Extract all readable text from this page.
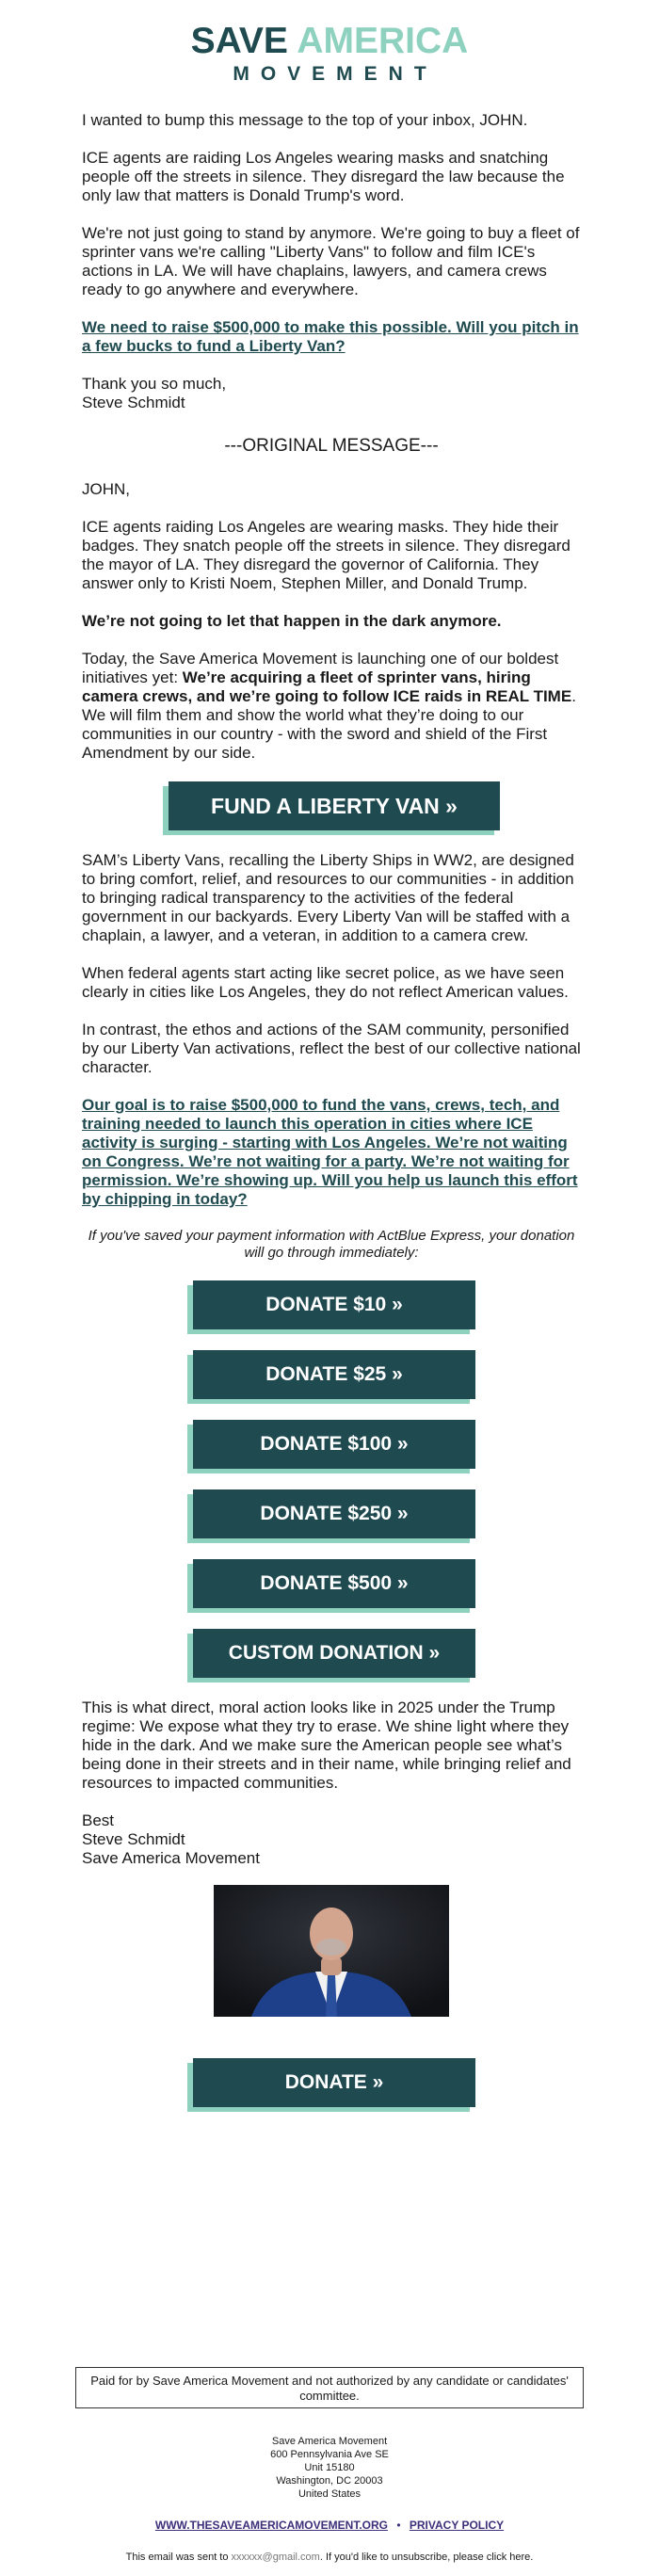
SAVE AMERICA
MOVEMENT

I wanted to bump this message to the top of your inbox, JOHN.

ICE agents are raiding Los Angeles wearing masks and snatching people off the streets in silence. They disregard the law because the only law that matters is Donald Trump's word.

We're not just going to stand by anymore. We're going to buy a fleet of sprinter vans we're calling "Liberty Vans" to follow and film ICE's actions in LA. We will have chaplains, lawyers, and camera crews ready to go anywhere and everywhere.

We need to raise $500,000 to make this possible. Will you pitch in a few bucks to fund a Liberty Van?

Thank you so much,
Steve Schmidt

---ORIGINAL MESSAGE---

JOHN,

ICE agents raiding Los Angeles are wearing masks. They hide their badges. They snatch people off the streets in silence. They disregard the mayor of LA. They disregard the governor of California. They answer only to Kristi Noem, Stephen Miller, and Donald Trump.

We’re not going to let that happen in the dark anymore.

Today, the Save America Movement is launching one of our boldest initiatives yet: We’re acquiring a fleet of sprinter vans, hiring camera crews, and we’re going to follow ICE raids in REAL TIME. We will film them and show the world what they’re doing to our communities in our country - with the sword and shield of the First Amendment by our side.

FUND A LIBERTY VAN »

SAM’s Liberty Vans, recalling the Liberty Ships in WW2, are designed to bring comfort, relief, and resources to our communities - in addition to bringing radical transparency to the activities of the federal government in our backyards. Every Liberty Van will be staffed with a chaplain, a lawyer, and a veteran, in addition to a camera crew.

When federal agents start acting like secret police, as we have seen clearly in cities like Los Angeles, they do not reflect American values.

In contrast, the ethos and actions of the SAM community, personified by our Liberty Van activations, reflect the best of our collective national character.

Our goal is to raise $500,000 to fund the vans, crews, tech, and training needed to launch this operation in cities where ICE activity is surging - starting with Los Angeles. We’re not waiting on Congress. We’re not waiting for a party. We’re not waiting for permission. We’re showing up. Will you help us launch this effort by chipping in today?

If you've saved your payment information with ActBlue Express, your donation will go through immediately:
DONATE $10 »
DONATE $25 »
DONATE $100 »
DONATE $250 »
DONATE $500 »
CUSTOM DONATION »

This is what direct, moral action looks like in 2025 under the Trump regime: We expose what they try to erase. We shine light where they hide in the dark. And we make sure the American people see what’s being done in their streets and in their name, while bringing relief and resources to impacted communities.

Best
Steve Schmidt
Save America Movement

DONATE »
Paid for by Save America Movement and not authorized by any candidate or candidates' committee.
Save America Movement
600 Pennsylvania Ave SE
Unit 15180
Washington, DC 20003
United States
WWW.THESAVEAMERICAMOVEMENT.ORG • PRIVACY POLICY
This email was sent to xxxxxx@gmail.com. If you'd like to unsubscribe, please click here.
